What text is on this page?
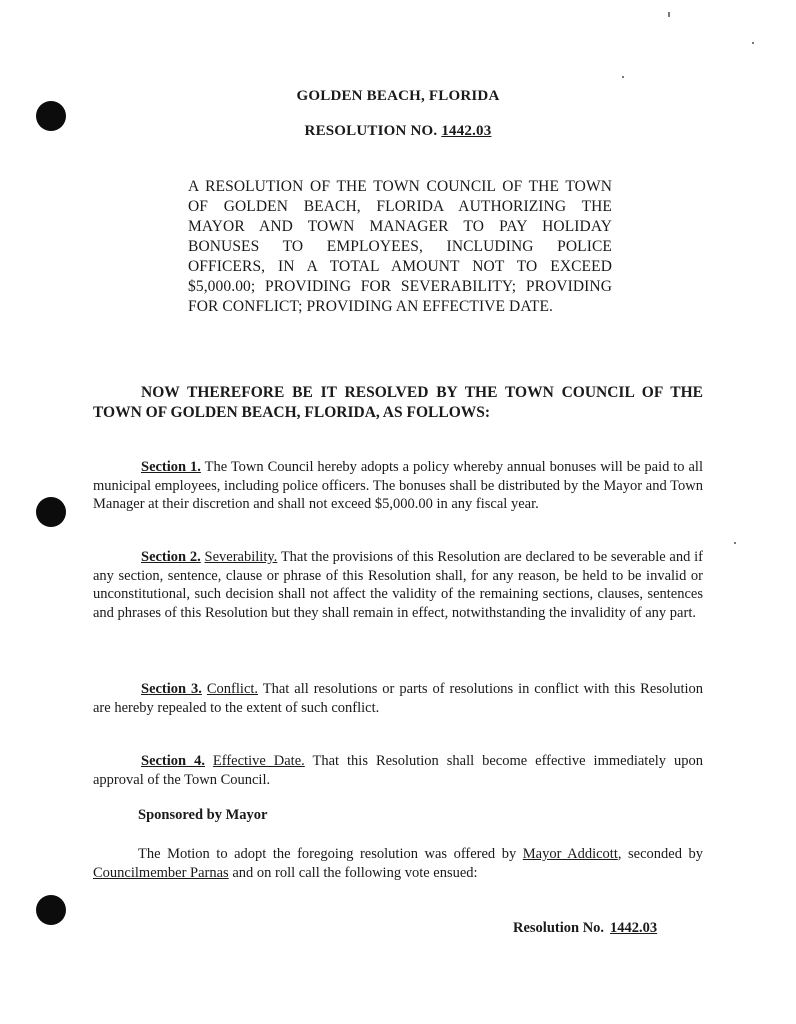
GOLDEN BEACH, FLORIDA
RESOLUTION NO. 1442.03
A RESOLUTION OF THE TOWN COUNCIL OF THE TOWN OF GOLDEN BEACH, FLORIDA AUTHORIZING THE MAYOR AND TOWN MANAGER TO PAY HOLIDAY BONUSES TO EMPLOYEES, INCLUDING POLICE OFFICERS, IN A TOTAL AMOUNT NOT TO EXCEED $5,000.00; PROVIDING FOR SEVERABILITY; PROVIDING FOR CONFLICT; PROVIDING AN EFFECTIVE DATE.
NOW THEREFORE BE IT RESOLVED BY THE TOWN COUNCIL OF THE TOWN OF GOLDEN BEACH, FLORIDA, AS FOLLOWS:
Section 1. The Town Council hereby adopts a policy whereby annual bonuses will be paid to all municipal employees, including police officers. The bonuses shall be distributed by the Mayor and Town Manager at their discretion and shall not exceed $5,000.00 in any fiscal year.
Section 2. Severability. That the provisions of this Resolution are declared to be severable and if any section, sentence, clause or phrase of this Resolution shall, for any reason, be held to be invalid or unconstitutional, such decision shall not affect the validity of the remaining sections, clauses, sentences and phrases of this Resolution but they shall remain in effect, notwithstanding the invalidity of any part.
Section 3. Conflict. That all resolutions or parts of resolutions in conflict with this Resolution are hereby repealed to the extent of such conflict.
Section 4. Effective Date. That this Resolution shall become effective immediately upon approval of the Town Council.
Sponsored by Mayor
The Motion to adopt the foregoing resolution was offered by Mayor Addicott, seconded by Councilmember Parnas and on roll call the following vote ensued:
Resolution No. 1442.03
